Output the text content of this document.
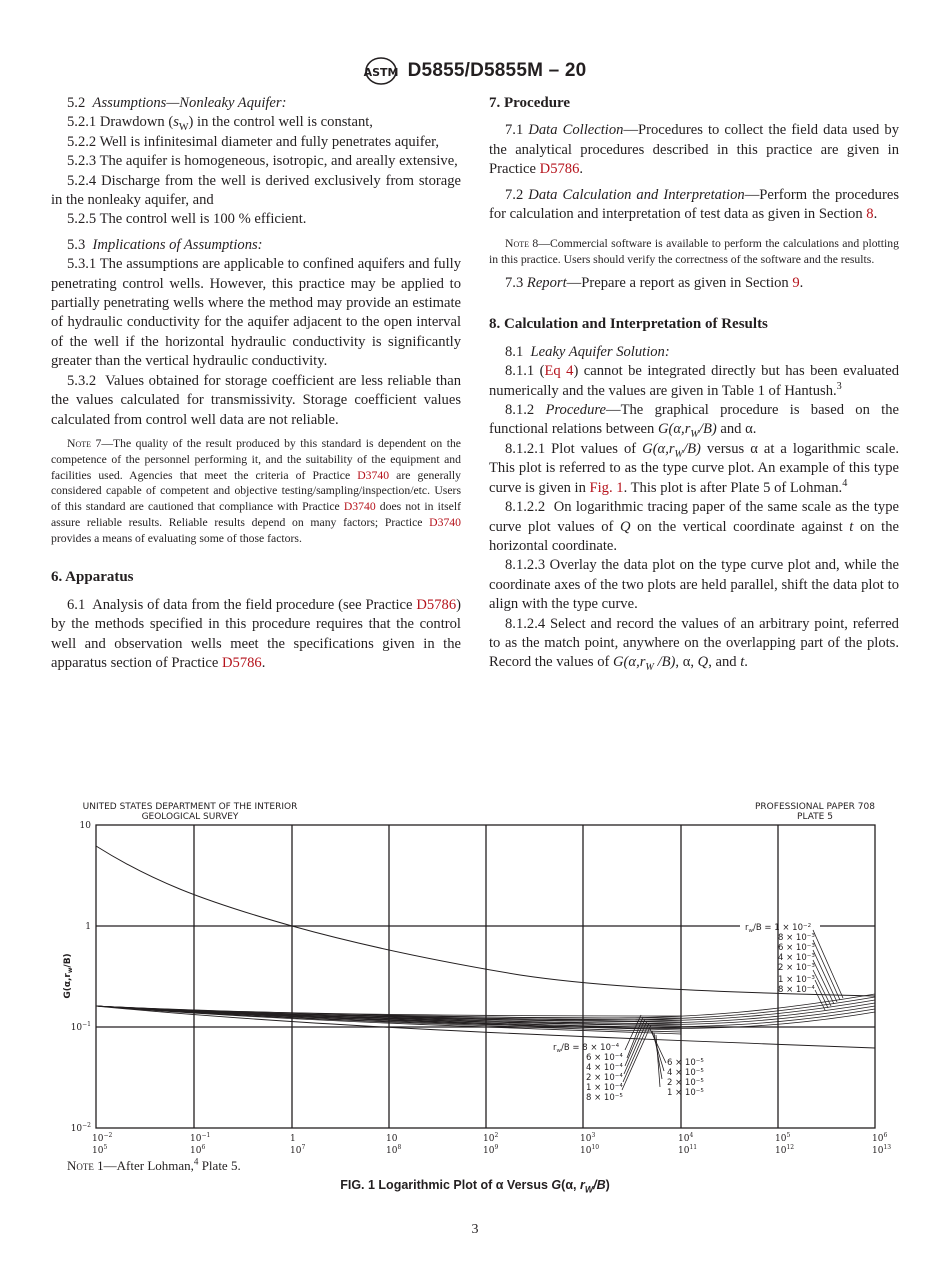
ASTM D5855/D5855M – 20

5.2 Assumptions—Nonleaky Aquifer:

5.2.1 Drawdown $(s_W)$ in the control well is constant,

5.2.2 Well is infinitesimal diameter and fully penetrates aquifer,

5.2.3 The aquifer is homogeneous, isotropic, and areally extensive,

5.2.4 Discharge from the well is derived exclusively from storage in the nonleaky aquifer, and

5.2.5 The control well is 100 % efficient.

5.3 Implications of Assumptions:

5.3.1 The assumptions are applicable to confined aquifers and fully penetrating control wells. However, this practice may be applied to partially penetrating wells where the method may provide an estimate of hydraulic conductivity for the aquifer adjacent to the open interval of the well if the horizontal hydraulic conductivity is significantly greater than the vertical hydraulic conductivity.

5.3.2 Values obtained for storage coefficient are less reliable than the values calculated for transmissivity. Storage coefficient values calculated from control well data are not reliable.

Note 7—The quality of the result produced by this standard is dependent on the competence of the personnel performing it, and the suitability of the equipment and facilities used. Agencies that meet the criteria of Practice D3740 are generally considered capable of competent and objective testing/sampling/inspection/etc. Users of this standard are cautioned that compliance with Practice D3740 does not in itself assure reliable results. Reliable results depend on many factors; Practice D3740 provides a means of evaluating some of those factors.

6. Apparatus

6.1 Analysis of data from the field procedure (see Practice D5786) by the methods specified in this procedure requires that the control well and observation wells meet the specifications given in the apparatus section of Practice D5786.

7. Procedure

7.1 Data Collection—Procedures to collect the field data used by the analytical procedures described in this practice are given in Practice D5786.

7.2 Data Calculation and Interpretation—Perform the procedures for calculation and interpretation of test data as given in Section 8.

Note 8—Commercial software is available to perform the calculations and plotting in this practice. Users should verify the correctness of the software and the results.

7.3 Report—Prepare a report as given in Section 9.

8. Calculation and Interpretation of Results

8.1 Leaky Aquifer Solution:

8.1.1 (Eq 4) cannot be integrated directly but has been evaluated numerically and the values are given in Table 1 of Hantush.$^3$

8.1.2 Procedure—The graphical procedure is based on the functional relations between $G(\alpha,r_W/B)$ and α.

8.1.2.1 Plot values of $G(\alpha,r_W/B)$ versus α at a logarithmic scale. This plot is referred to as the type curve plot. An example of this type curve is given in Fig. 1. This plot is after Plate 5 of Lohman.$^4$

8.1.2.2 On logarithmic tracing paper of the same scale as the type curve plot values of Q on the vertical coordinate against t on the horizontal coordinate.

8.1.2.3 Overlay the data plot on the type curve plot and, while the coordinate axes of the two plots are held parallel, shift the data plot to align with the type curve.

8.1.2.4 Select and record the values of an arbitrary point, referred to as the match point, anywhere on the overlapping part of the plots. Record the values of $G(\alpha,r_W$ /B), α, Q, and t.

UNITED STATES DEPARTMENT OF THE INTERIOR
GEOLOGICAL SURVEY
PROFESSIONAL PAPER 708
PLATE 5
10
1
$10^{-1}$
$10^{-2}$
$G(\alpha,r_w/B)$
$10^{-2}$	$10^{-1}$	1	10	$10^2$	$10^3$	$10^4$	$10^5$	$10^6$
$10^5$	$10^6$	$10^7$	$10^8$	$10^9$	$10^{10}$	$10^{11}$	$10^{12}$	$10^{13}$
$r_w/B = 1 \times 10^{-2}$
$8 \times 10^{-3}$
$6 \times 10^{-3}$
$4 \times 10^{-3}$
$2 \times 10^{-3}$
$1 \times 10^{-3}$
$8 \times 10^{-4}$
$r_w/B = 8 \times 10^{-4}$
$6 \times 10^{-4}$
$4 \times 10^{-4}$
$2 \times 10^{-4}$
$1 \times 10^{-4}$
$8 \times 10^{-5}$
$6 \times 10^{-5}$
$4 \times 10^{-5}$
$2 \times 10^{-5}$
$1 \times 10^{-5}$
Note 1—After Lohman,$^4$ Plate 5.
FIG. 1 Logarithmic Plot of α Versus G(α, $r_W/B$)
3
